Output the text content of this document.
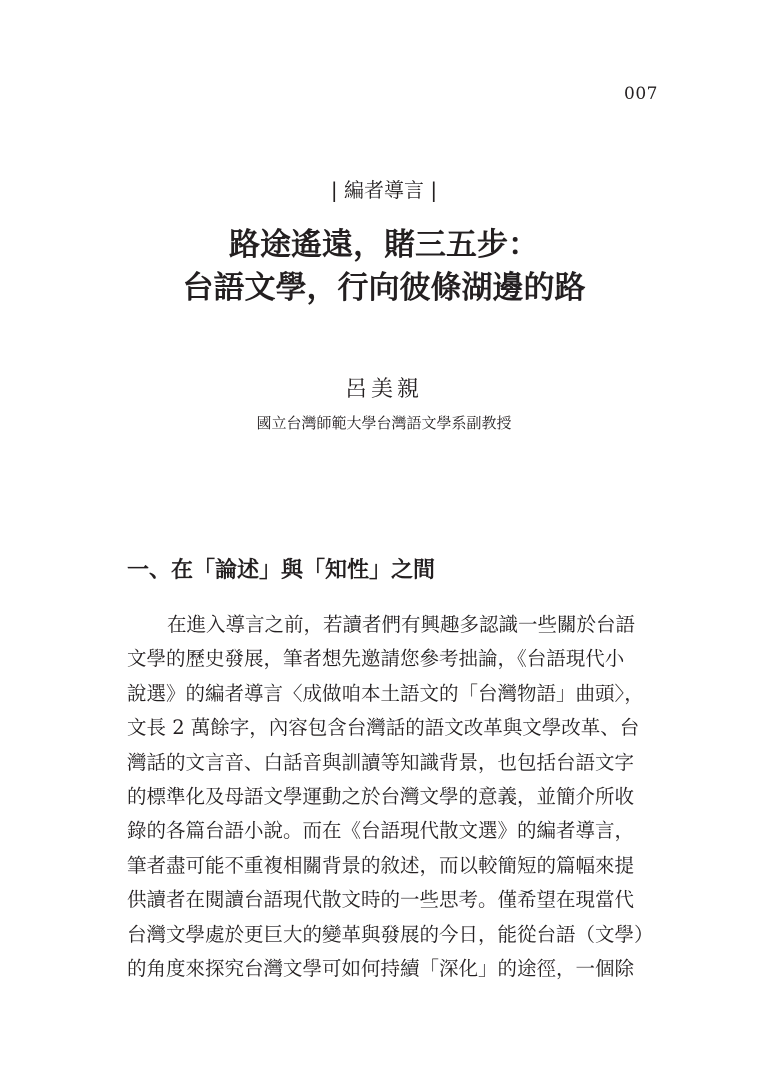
007
| 編者導言 |
路途遙遠，賭三五步：
台語文學，行向彼條湖邊的路
呂美親
國立台灣師範大學台灣語文學系副教授
一、在「論述」與「知性」之間
在進入導言之前，若讀者們有興趣多認識一些關於台語
文學的歷史發展，筆者想先邀請您參考拙論，《台語現代小
說選》的編者導言〈成做咱本土語文的「台灣物語」曲頭〉，
文長 2 萬餘字，內容包含台灣話的語文改革與文學改革、台
灣話的文言音、白話音與訓讀等知識背景，也包括台語文字
的標準化及母語文學運動之於台灣文學的意義，並簡介所收
錄的各篇台語小說。而在《台語現代散文選》的編者導言，
筆者盡可能不重複相關背景的敘述，而以較簡短的篇幅來提
供讀者在閱讀台語現代散文時的一些思考。僅希望在現當代
台灣文學處於更巨大的變革與發展的今日，能從台語（文學）
的角度來探究台灣文學可如何持續「深化」的途徑，一個除
